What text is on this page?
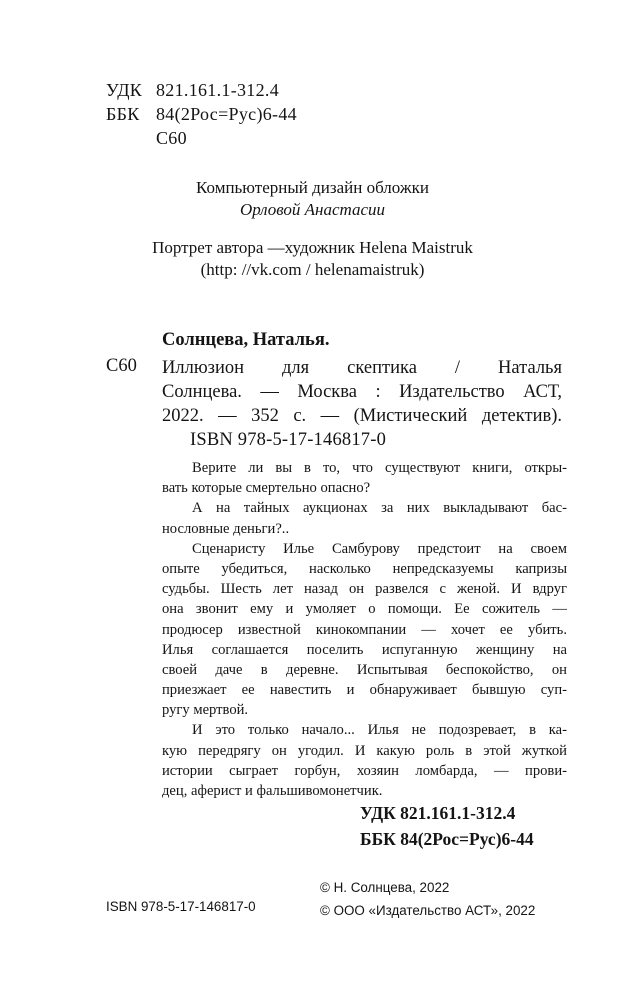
УДК 821.161.1-312.4
ББК 84(2Рос=Рус)6-44
С60
Компьютерный дизайн обложки
Орловой Анастасии
Портрет автора —художник Helena Maistruk
(http: //vk.com / helenamaistruk)
Солнцева, Наталья.
С60 Иллюзион для скептика / Наталья
Солнцева. — Москва : Издательство АСТ,
2022. — 352 с. — (Мистический детектив).
ISBN 978-5-17-146817-0
Верите ли вы в то, что существуют книги, откры-
вать которые смертельно опасно?
А на тайных аукционах за них выкладывают бас-
нословные деньги?..
Сценаристу Илье Самбурову предстоит на своем
опыте убедиться, насколько непредсказуемы капризы
судьбы. Шесть лет назад он развелся с женой. И вдруг
она звонит ему и умоляет о помощи. Ее сожитель —
продюсер известной кинокомпании — хочет ее убить.
Илья соглашается поселить испуганную женщину на
своей даче в деревне. Испытывая беспокойство, он
приезжает ее навестить и обнаруживает бывшую суп-
ругу мертвой.
И это только начало... Илья не подозревает, в ка-
кую передрягу он угодил. И какую роль в этой жуткой
истории сыграет горбун, хозяин ломбарда, — прови-
дец, аферист и фальшивомонетчик.
УДК 821.161.1-312.4
ББК 84(2Рос=Рус)6-44
ISBN 978-5-17-146817-0
© Н. Солнцева, 2022
© ООО «Издательство АСТ», 2022
